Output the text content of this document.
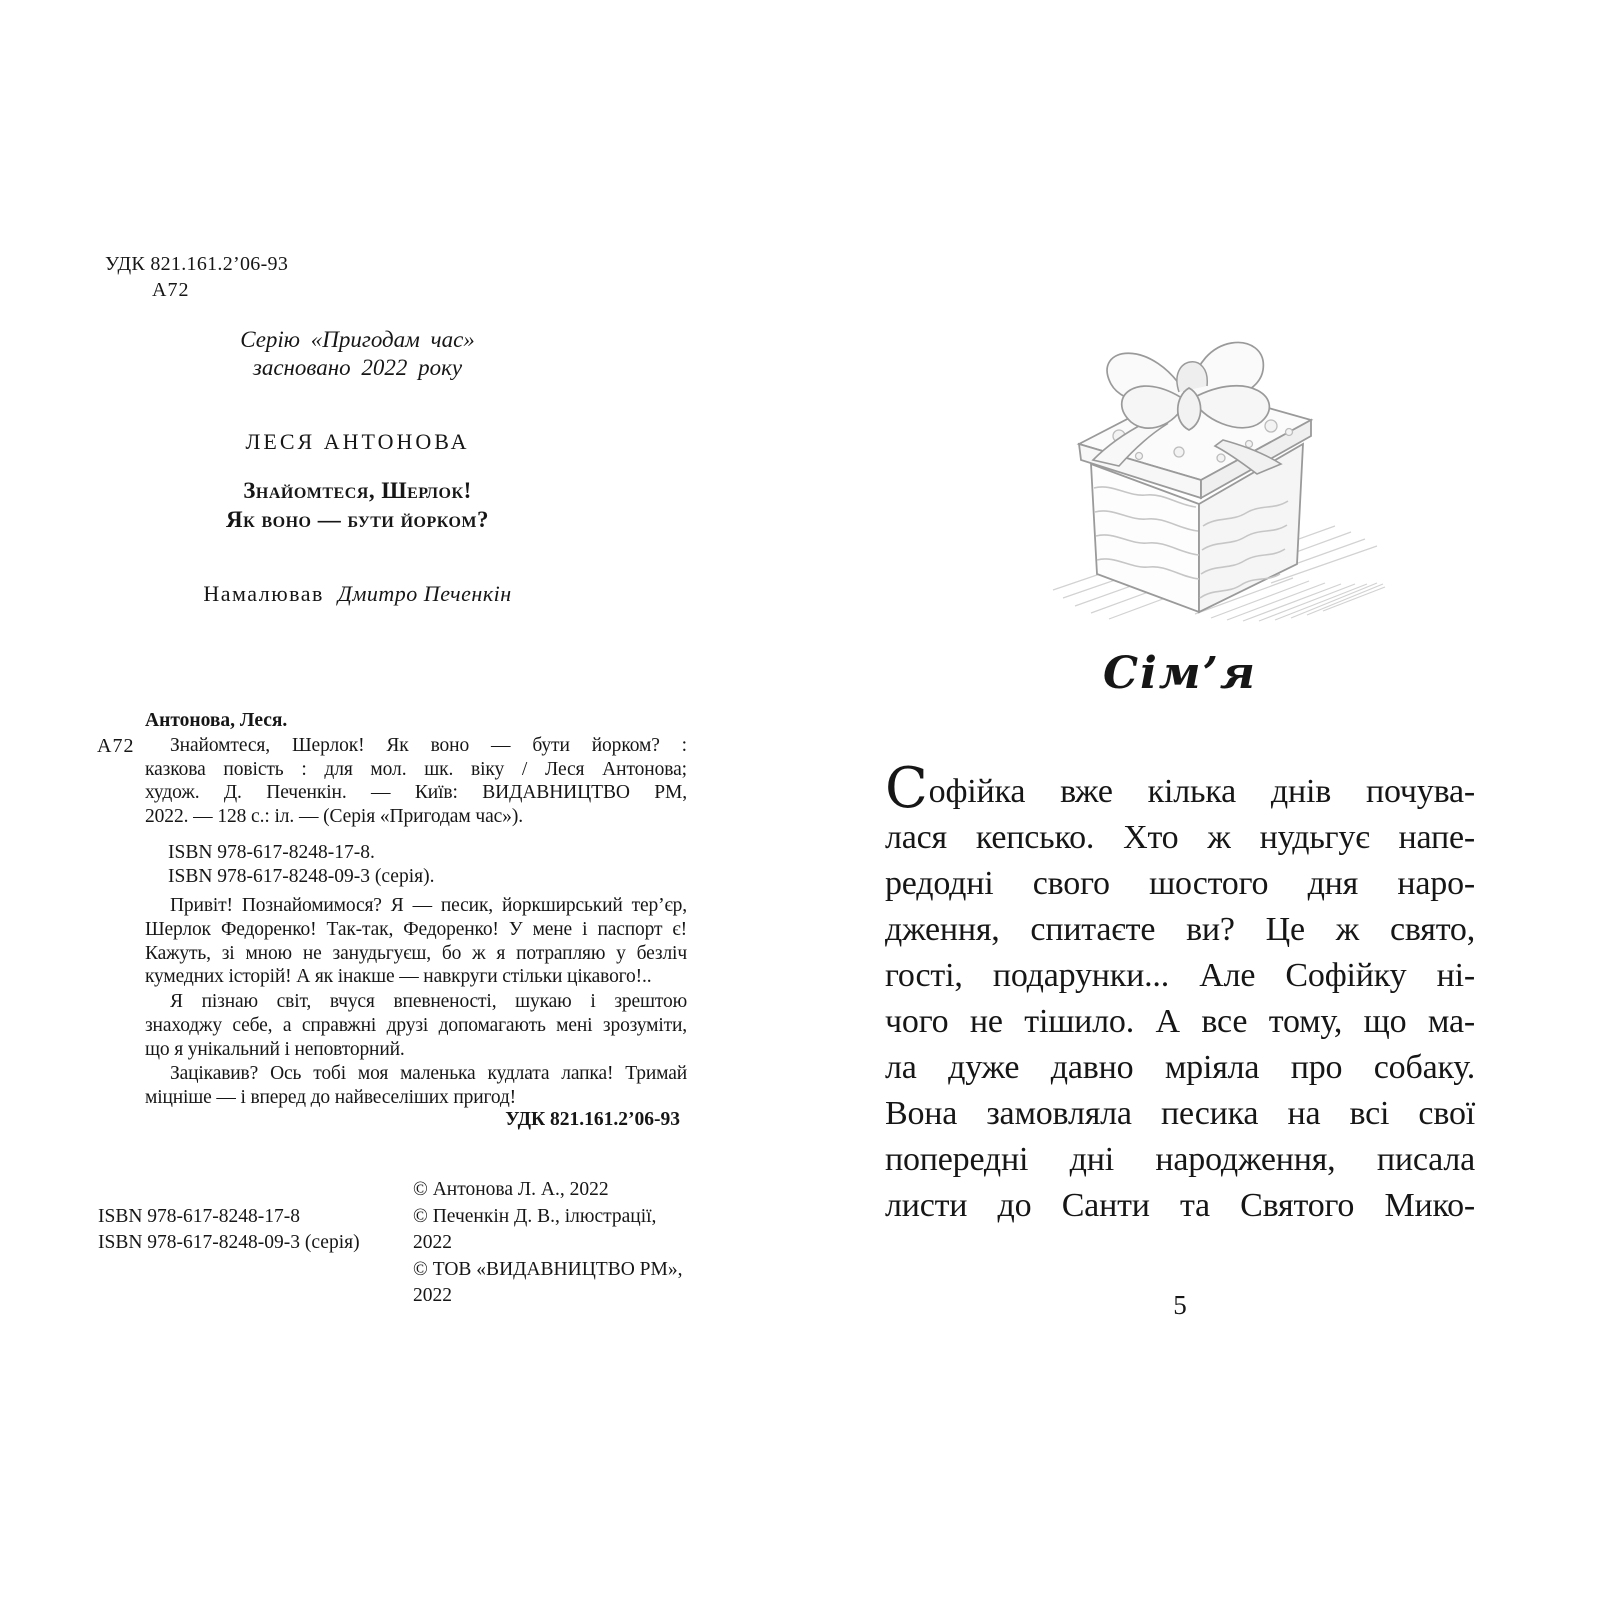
УДК 821.161.2’06-93
А72
Серію «Пригодам час»
засновано 2022 року
ЛЕСЯ АНТОНОВА
Знайомтеся, Шерлок!
Як воно — бути йорком?
Намалював Дмитро Печенкін
А72
Антонова, Леся.
Знайомтеся, Шерлок! Як воно — бути йорком? :
казкова повість : для мол. шк. віку / Леся Антонова;
худож. Д. Печенкін. — Київ: ВИДАВНИЦТВО РМ,
2022. — 128 с.: іл. — (Серія «Пригодам час»).
ISBN 978-617-8248-17-8.
ISBN 978-617-8248-09-3 (серія).
Привіт! Познайомимося? Я — песик, йоркширський тер’єр,
Шерлок Федоренко! Так-так, Федоренко! У мене і паспорт є!
Кажуть, зі мною не занудьгуєш, бо ж я потрапляю у безліч
кумедних історій! А як інакше — навкруги стільки цікавого!..
Я пізнаю світ, вчуся впевненості, шукаю і зрештою
знаходжу себе, а справжні друзі допомагають мені зрозуміти,
що я унікальний і неповторний.
Зацікавив? Ось тобі моя маленька кудлата лапка! Тримай
міцніше — і вперед до найвеселіших пригод!
УДК 821.161.2’06-93
© Антонова Л. А., 2022
© Печенкін Д. В., ілюстрації, 2022
© ТОВ «ВИДАВНИЦТВО РМ», 2022
ISBN 978-617-8248-17-8
ISBN 978-617-8248-09-3 (серія)
Сім’я
Софійка вже кілька днів почува-
лася кепсько. Хто ж нудьгує напе-
редодні свого шостого дня наро-
дження, спитаєте ви? Це ж свято,
гості, подарунки... Але Софійку ні-
чого не тішило. А все тому, що ма-
ла дуже давно мріяла про собаку.
Вона замовляла песика на всі свої
попередні дні народження, писала
листи до Санти та Святого Мико-
5
